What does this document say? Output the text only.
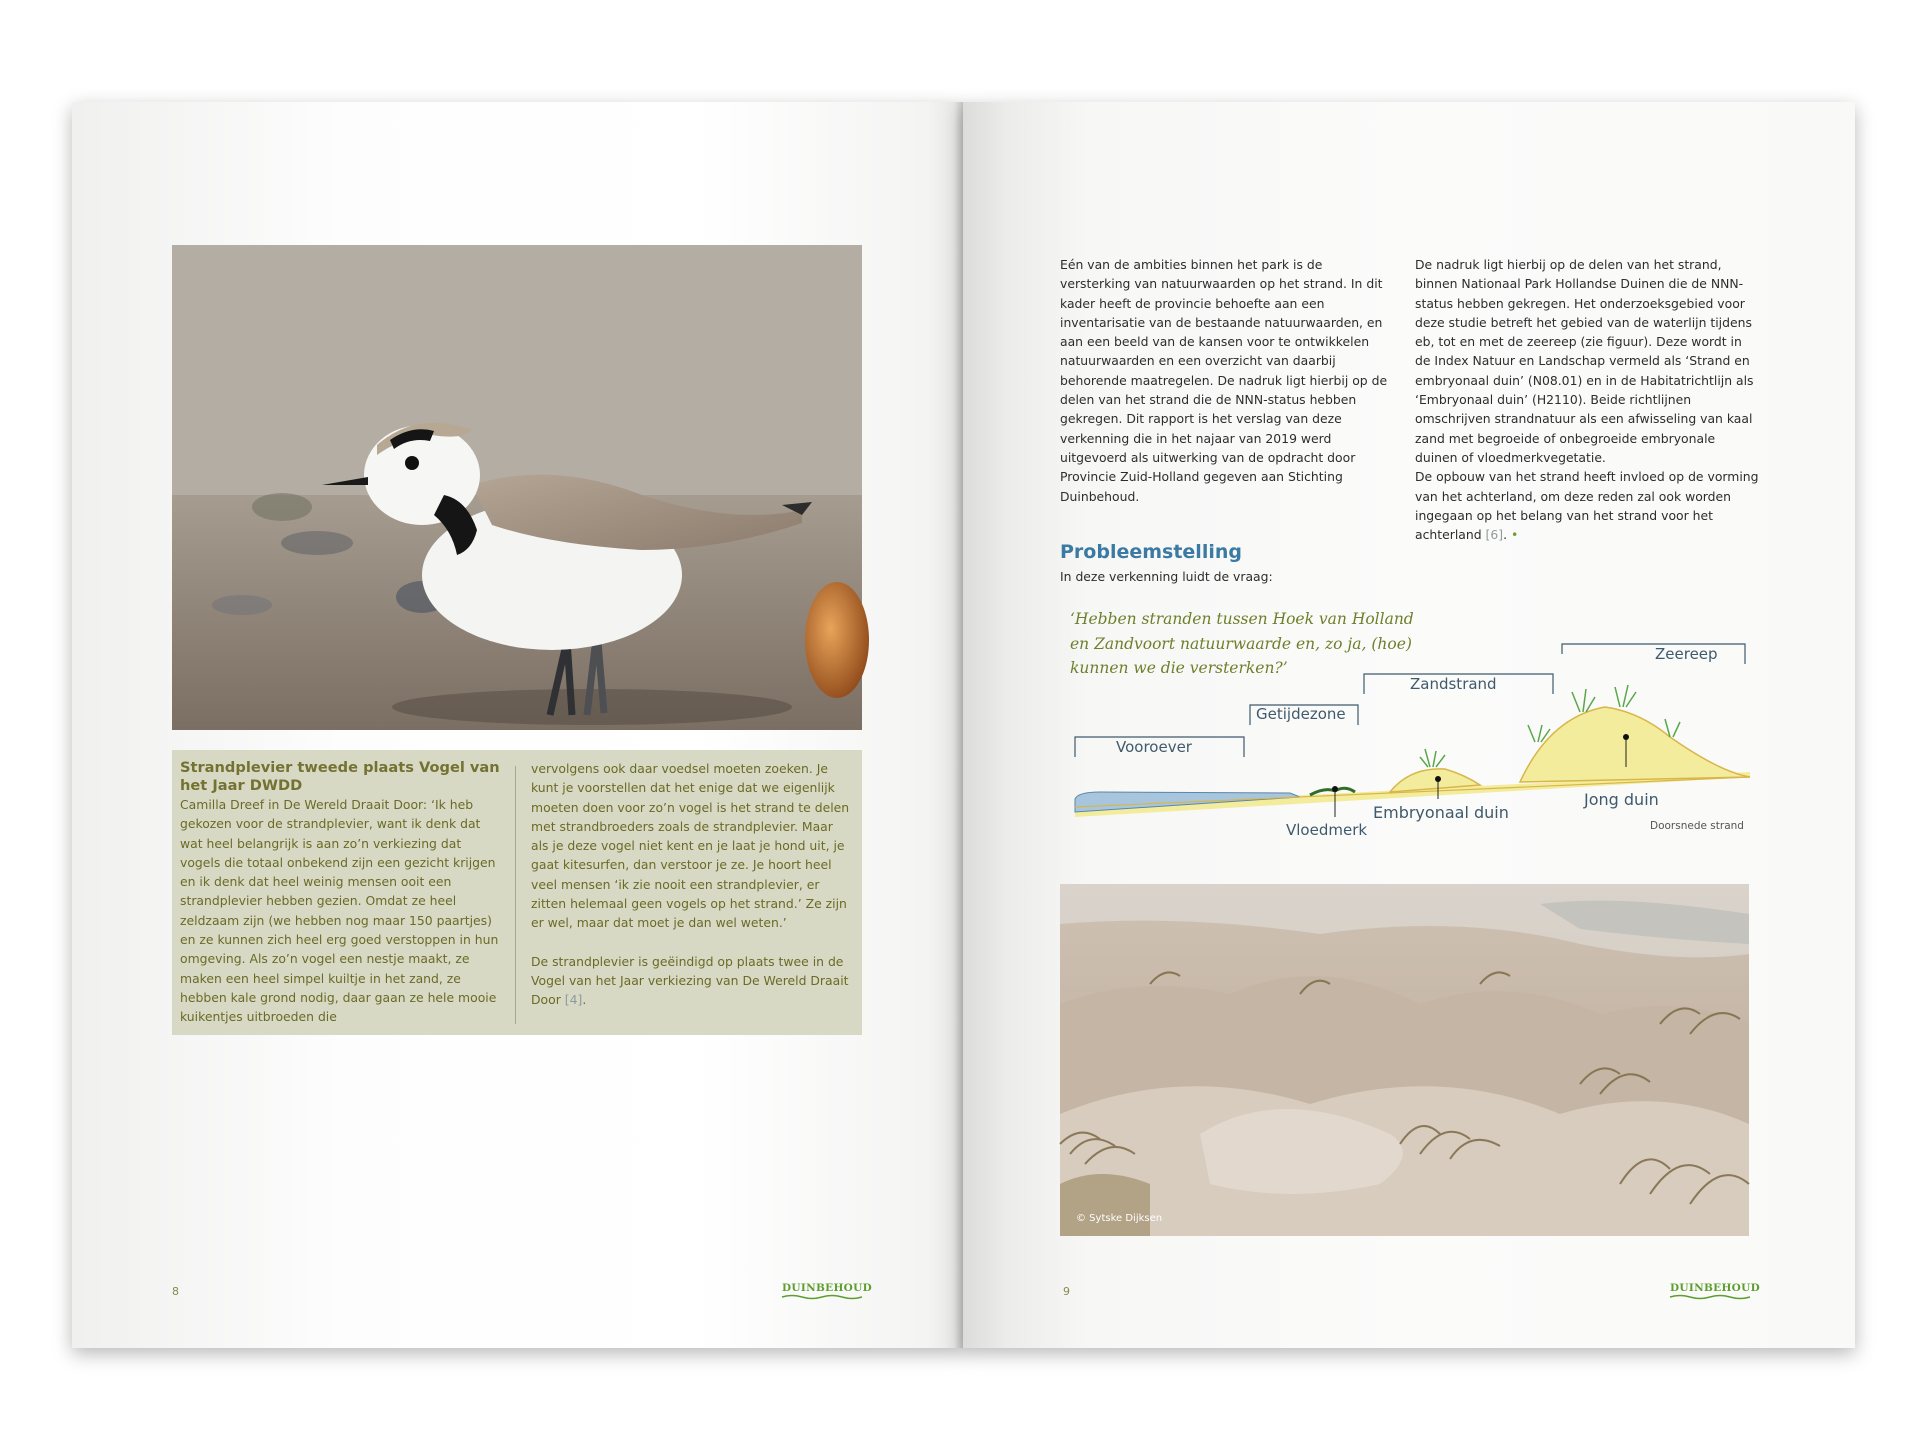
Strandplevier tweede plaats Vogel van het Jaar DWDD

Camilla Dreef in De Wereld Draait Door: ‘Ik heb gekozen voor de strandplevier, want ik denk dat wat heel belangrijk is aan zo’n verkiezing dat vogels die totaal onbekend zijn een gezicht krijgen en ik denk dat heel weinig mensen ooit een strandplevier hebben gezien. Omdat ze heel zeldzaam zijn (we hebben nog maar 150 paartjes) en ze kunnen zich heel erg goed verstoppen in hun omgeving. Als zo’n vogel een nestje maakt, ze maken een heel simpel kuiltje in het zand, ze hebben kale grond nodig, daar gaan ze hele mooie kuikentjes uitbroeden die

vervolgens ook daar voedsel moeten zoeken. Je kunt je voorstellen dat het enige dat we eigenlijk moeten doen voor zo’n vogel is het strand te delen met strandbroeders zoals de strandplevier. Maar als je deze vogel niet kent en je laat je hond uit, je gaat kitesurfen, dan verstoor je ze. Je hoort heel veel mensen ‘ik zie nooit een strandplevier, er zitten helemaal geen vogels op het strand.’ Ze zijn er wel, maar dat moet je dan wel weten.’

De strandplevier is geëindigd op plaats twee in de Vogel van het Jaar verkiezing van De Wereld Draait Door [4].

8	DUINBEHOUD

Eén van de ambities binnen het park is de versterking van natuurwaarden op het strand. In dit kader heeft de provincie behoefte aan een inventarisatie van de bestaande natuurwaarden, en aan een beeld van de kansen voor te ontwikkelen natuurwaarden en een overzicht van daarbij behorende maatregelen. De nadruk ligt hierbij op de delen van het strand die de NNN-status hebben gekregen. Dit rapport is het verslag van deze verkenning die in het najaar van 2019 werd uitgevoerd als uitwerking van de opdracht door Provincie Zuid-Holland gegeven aan Stichting Duinbehoud.

De nadruk ligt hierbij op de delen van het strand, binnen Nationaal Park Hollandse Duinen die de NNN-status hebben gekregen. Het onderzoeksgebied voor deze studie betreft het gebied van de waterlijn tijdens eb, tot en met de zeereep (zie figuur). Deze wordt in de Index Natuur en Landschap vermeld als ‘Strand en embryonaal duin’ (N08.01) en in de Habitatrichtlijn als ‘Embryonaal duin’ (H2110). Beide richtlijnen omschrijven strandnatuur als een afwisseling van kaal zand met begroeide of onbegroeide embryonale duinen of vloedmerkvegetatie.
De opbouw van het strand heeft invloed op de vorming van het achterland, om deze reden zal ook worden ingegaan op het belang van het strand voor het achterland [6]. •
Probleemstelling

In deze verkenning luidt de vraag:

‘Hebben stranden tussen Hoek van Holland en Zandvoort natuurwaarde en, zo ja, (hoe) kunnen we die versterken?’

Vooroever
Getijdezone
Zandstrand
Zeereep
Vloedmerk
Embryonaal duin
Jong duin
Doorsnede strand
© Sytske Dijksen
9	DUINBEHOUD
